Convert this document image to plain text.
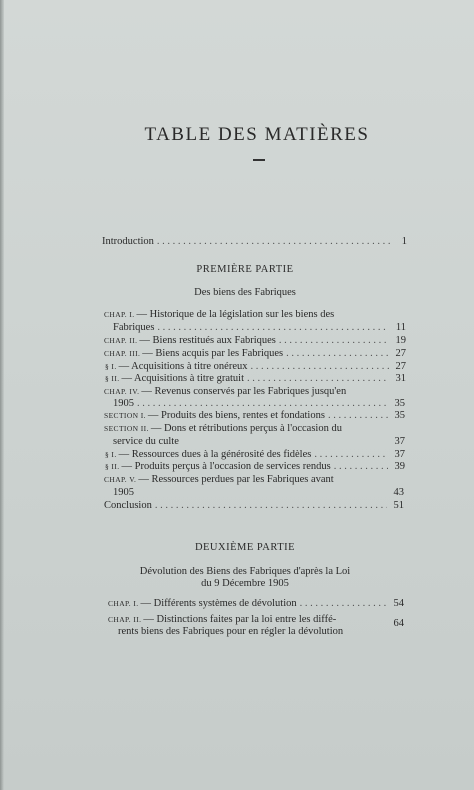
TABLE DES MATIÈRES
Introduction . . .	1
PREMIÈRE PARTIE
Des biens des Fabriques
CHAP. I. — Historique de la législation sur les biens des
Fabriques . . .	11
CHAP. II. — Biens restitués aux Fabriques . . .	19
CHAP. III. — Biens acquis par les Fabriques . . .	27
§ I. — Acquisitions à titre onéreux . . .	27
§ II. — Acquisitions à titre gratuit . . .	31
CHAP. IV. — Revenus conservés par les Fabriques jusqu'en
1905 . . .	35
SECTION I. — Produits des biens, rentes et fondations . . .	35
SECTION II. — Dons et rétributions perçus à l'occasion du
service du culte	37
§ I. — Ressources dues à la générosité des fidèles . . .	37
§ II. — Produits perçus à l'occasion de services rendus . . .	39
CHAP. V. — Ressources perdues par les Fabriques avant
1905	43
Conclusion . . .	51
DEUXIÈME PARTIE
Dévolution des Biens des Fabriques d'après la Loi
du 9 Décembre 1905
CHAP. I. — Différents systèmes de dévolution . . .	54
CHAP. II. — Distinctions faites par la loi entre les diffé-
rents biens des Fabriques pour en régler la dévolution
64
